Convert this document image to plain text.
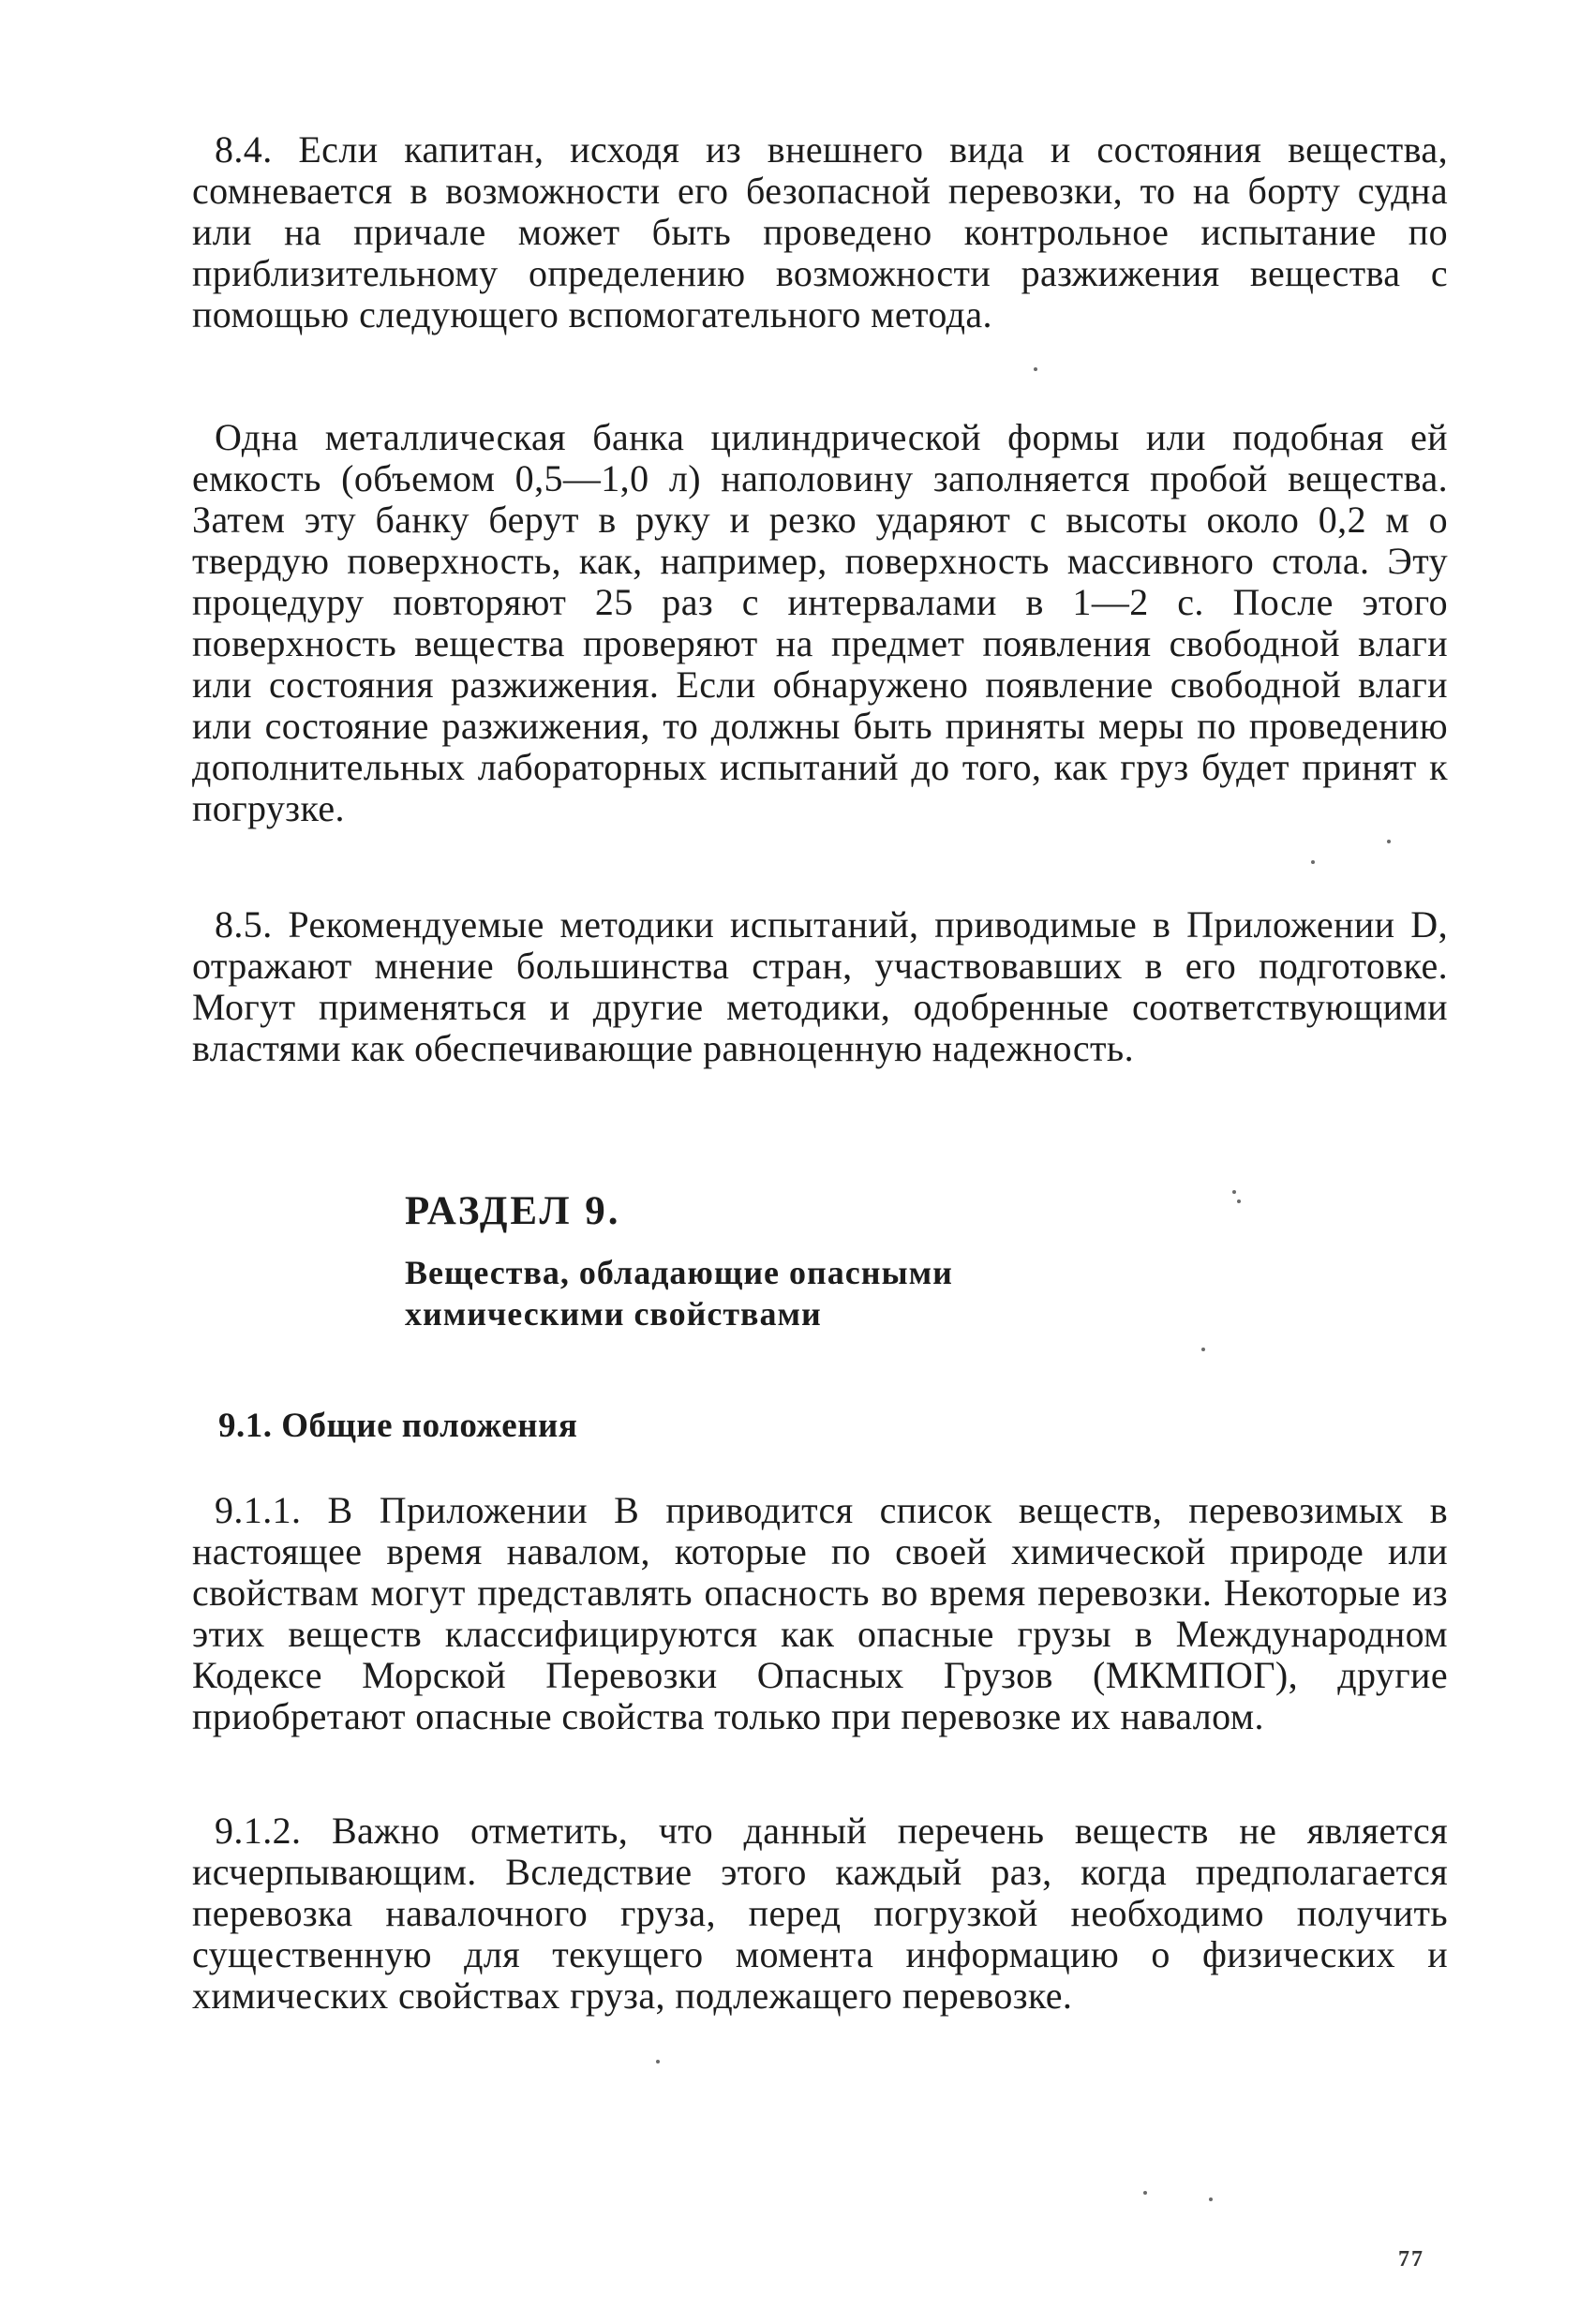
8.4. Если капитан, исходя из внешнего вида и состояния вещества, сомневается в возможности его безопасной перевозки, то на борту судна или на причале может быть проведено контрольное испытание по приблизительному определению возможности разжижения вещества с помощью следующего вспомогательного метода.

Одна металлическая банка цилиндрической формы или подобная ей емкость (объемом 0,5—1,0 л) наполовину заполняется пробой вещества. Затем эту банку берут в руку и резко ударяют с высоты около 0,2 м о твердую поверхность, как, например, поверхность массивного стола. Эту процедуру повторяют 25 раз с интервалами в 1—2 с. После этого поверхность вещества проверяют на предмет появления свободной влаги или состояния разжижения. Если обнаружено появление свободной влаги или состояние разжижения, то должны быть приняты меры по проведению дополнительных лабораторных испытаний до того, как груз будет принят к погрузке.

8.5. Рекомендуемые методики испытаний, приводимые в Приложении D, отражают мнение большинства стран, участвовавших в его подготовке. Могут применяться и другие методики, одобренные соответствующими властями как обеспечивающие равноценную надежность.

РАЗДЕЛ 9.
Вещества, обладающие опасными
химическими свойствами
9.1. Общие положения

9.1.1. В Приложении В приводится список веществ, перевозимых в настоящее время навалом, которые по своей химической природе или свойствам могут представлять опасность во время перевозки. Некоторые из этих веществ классифицируются как опасные грузы в Международном Кодексе Морской Перевозки Опасных Грузов (МКМПОГ), другие приобретают опасные свойства только при перевозке их навалом.

9.1.2. Важно отметить, что данный перечень веществ не является исчерпывающим. Вследствие этого каждый раз, когда предполагается перевозка навалочного груза, перед погрузкой необходимо получить существенную для текущего момента информацию о физических и химических свойствах груза, подлежащего перевозке.

77
